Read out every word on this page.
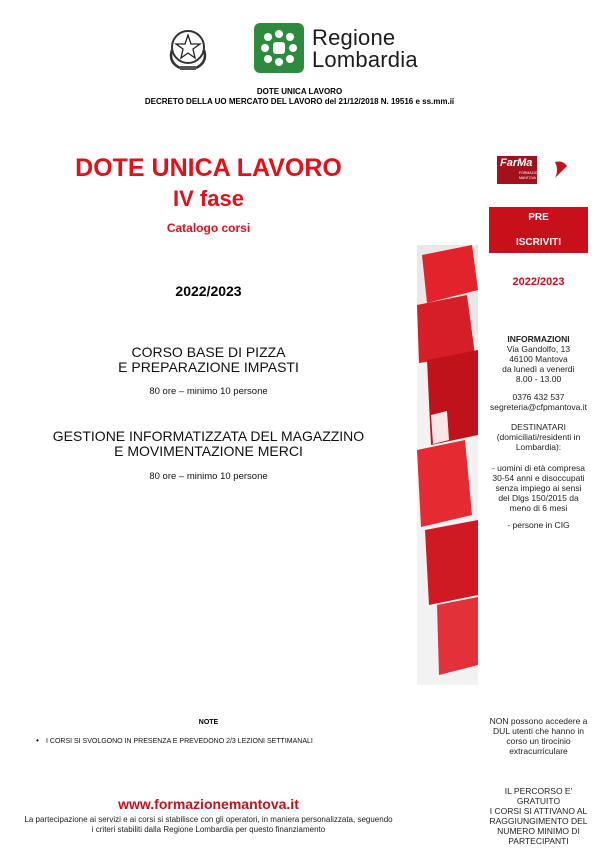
Regione
Lombardia
DOTE UNICA LAVORO
DECRETO DELLA UO MERCATO DEL LAVORO del 21/12/2018 N. 19516 e ss.mm.ii
DOTE UNICA LAVORO
IV fase
Catalogo corsi
2022/2023
CORSO BASE DI PIZZA
E PREPARAZIONE IMPASTI
80 ore – minimo 10 persone
GESTIONE INFORMATIZZATA DEL MAGAZZINO
E MOVIMENTAZIONE MERCI
80 ore – minimo 10 persone
FarMa
FORMAZIONE
MANTOVA
PRE
ISCRIVITI
2022/2023
INFORMAZIONI
Via Gandolfo, 13
46100 Mantova
da lunedì a venerdì
8.00 - 13.00
0376 432 537
segreteria@cfpmantova.it
DESTINATARI
(domiciliati/residenti in
Lombardia):
- uomini di età compresa
30-54 anni e disoccupati
senza impiego ai sensi
del Dlgs 150/2015 da
meno di 6 mesi
- persone in CIG
NON possono accedere a
DUL utenti che hanno in
corso un tirocinio
extracurriculare
IL PERCORSO E'
GRATUITO
I CORSI SI ATTIVANO AL
RAGGIUNGIMENTO DEL
NUMERO MINIMO DI
PARTECIPANTI
NOTE
• I CORSI SI SVOLGONO IN PRESENZA E PREVEDONO 2/3 LEZIONI SETTIMANALI
www.formazionemantova.it
La partecipazione ai servizi e ai corsi si stabilisce con gli operatori, in maniera personalizzata, seguendo
i criteri stabiliti dalla Regione Lombardia per questo finanziamento
